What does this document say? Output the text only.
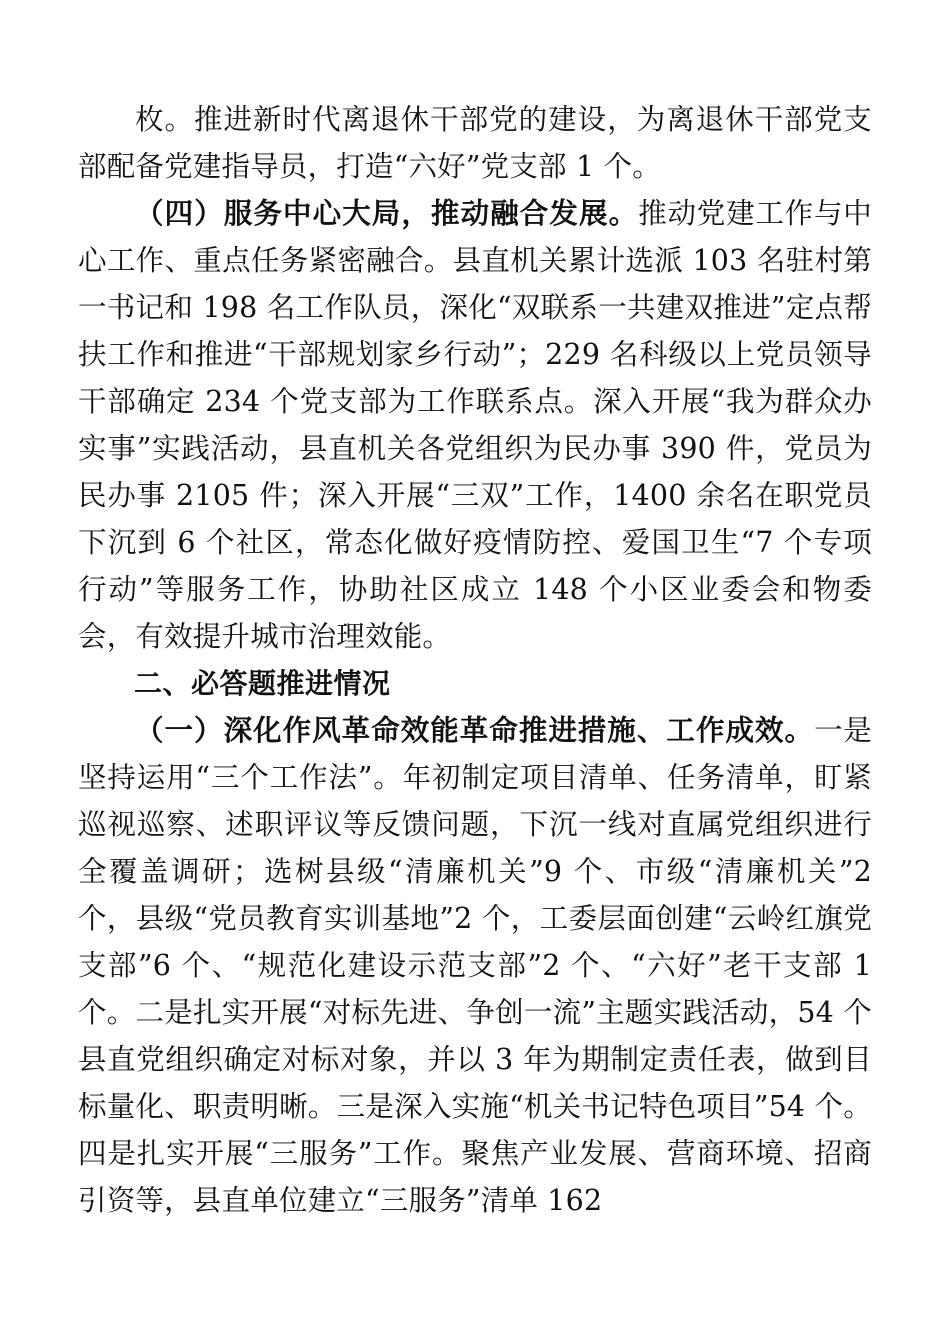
枚。推进新时代离退休干部党的建设，为离退休干部党支部配备党建指导员，打造“六好”党支部 1 个。

（四）服务中心大局，推动融合发展。推动党建工作与中心工作、重点任务紧密融合。县直机关累计选派 103 名驻村第一书记和 198 名工作队员，深化“双联系一共建双推进”定点帮扶工作和推进“干部规划家乡行动”；229 名科级以上党员领导干部确定 234 个党支部为工作联系点。深入开展“我为群众办实事”实践活动，县直机关各党组织为民办事 390 件，党员为民办事 2105 件；深入开展“三双”工作，1400 余名在职党员下沉到 6 个社区，常态化做好疫情防控、爱国卫生“7 个专项行动”等服务工作，协助社区成立 148 个小区业委会和物委会，有效提升城市治理效能。

二、必答题推进情况

（一）深化作风革命效能革命推进措施、工作成效。一是坚持运用“三个工作法”。年初制定项目清单、任务清单，盯紧巡视巡察、述职评议等反馈问题，下沉一线对直属党组织进行全覆盖调研；选树县级“清廉机关”9 个、市级“清廉机关”2 个，县级“党员教育实训基地”2 个，工委层面创建“云岭红旗党支部”6 个、“规范化建设示范支部”2 个、“六好”老干支部 1 个。二是扎实开展“对标先进、争创一流”主题实践活动，54 个县直党组织确定对标对象，并以 3 年为期制定责任表，做到目标量化、职责明晰。三是深入实施“机关书记特色项目”54 个。四是扎实开展“三服务”工作。聚焦产业发展、营商环境、招商引资等，县直单位建立“三服务”清单 162
